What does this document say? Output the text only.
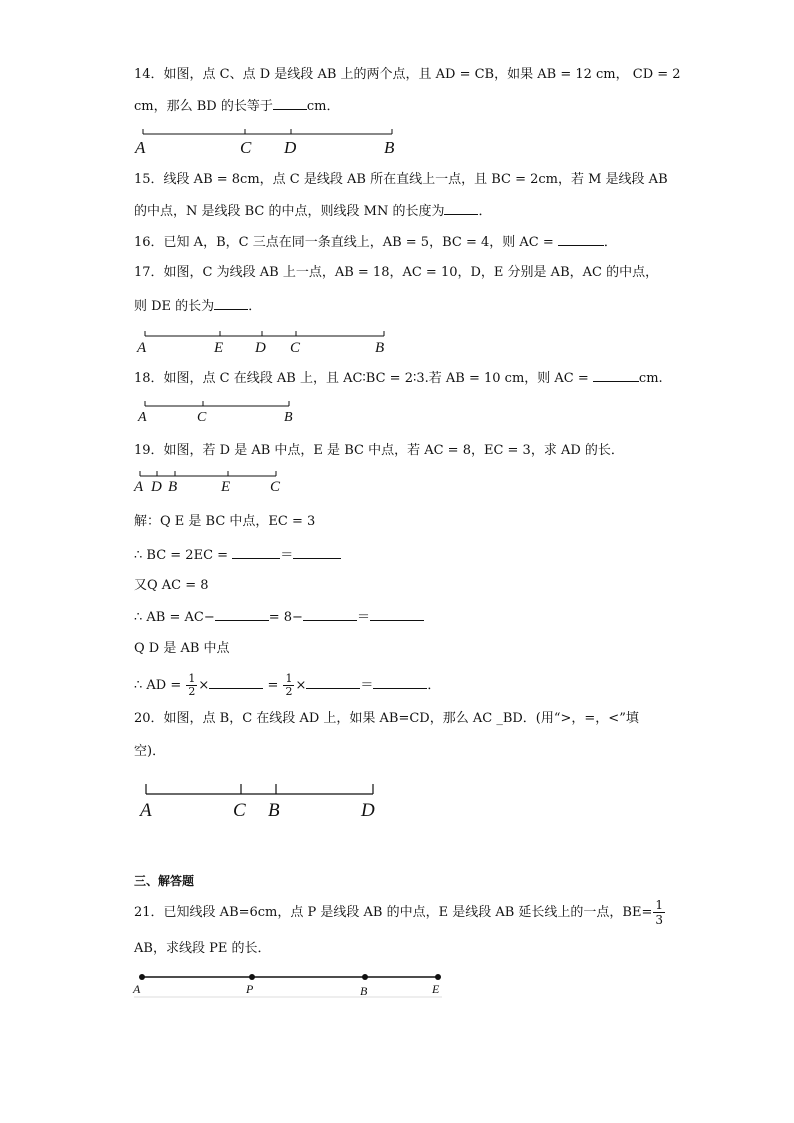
14．如图，点 C、点 D 是线段 AB 上的两个点，且 AD = CB，如果 AB = 12 cm， CD = 2
cm，那么 BD 的长等于	cm．
A	C D	B
15．线段 AB = 8cm，点 C 是线段 AB 所在直线上一点，且 BC = 2cm，若 M 是线段 AB
的中点，N 是线段 BC 的中点，则线段 MN 的长度为	．
16．已知 A，B，C 三点在同一条直线上，AB = 5，BC = 4，则 AC =	．
17．如图，C 为线段 AB 上一点，AB = 18，AC = 10，D，E 分别是 AB，AC 的中点，
则 DE 的长为	．
A	E D C	B
18．如图，点 C 在线段 AB 上，且 AC∶BC = 2∶3.若 AB = 10 cm，则 AC =	cm.
A	C	B
19．如图，若 D 是 AB 中点，E 是 BC 中点，若 AC = 8，EC = 3，求 AD 的长．
A D B	E	C
解：Q E 是 BC 中点，EC = 3
∴ BC = 2EC =	＝
又Q AC = 8
∴ AB = AC−	= 8−	＝
Q D 是 AB 中点
∴ AD = $\frac{1}{2}$ ×	= $\frac{1}{2}$ ×	＝	．
20．如图，点 B，C 在线段 AD 上，如果 AB=CD，那么 AC _BD．(用“>，=，<”填
空)．
A	C B	D
三、解答题
21．已知线段 AB=6cm，点 P 是线段 AB 的中点，E 是线段 AB 延长线上的一点，$BE= \frac{1}{3}$
AB，求线段 PE 的长．
A	P	B	E
